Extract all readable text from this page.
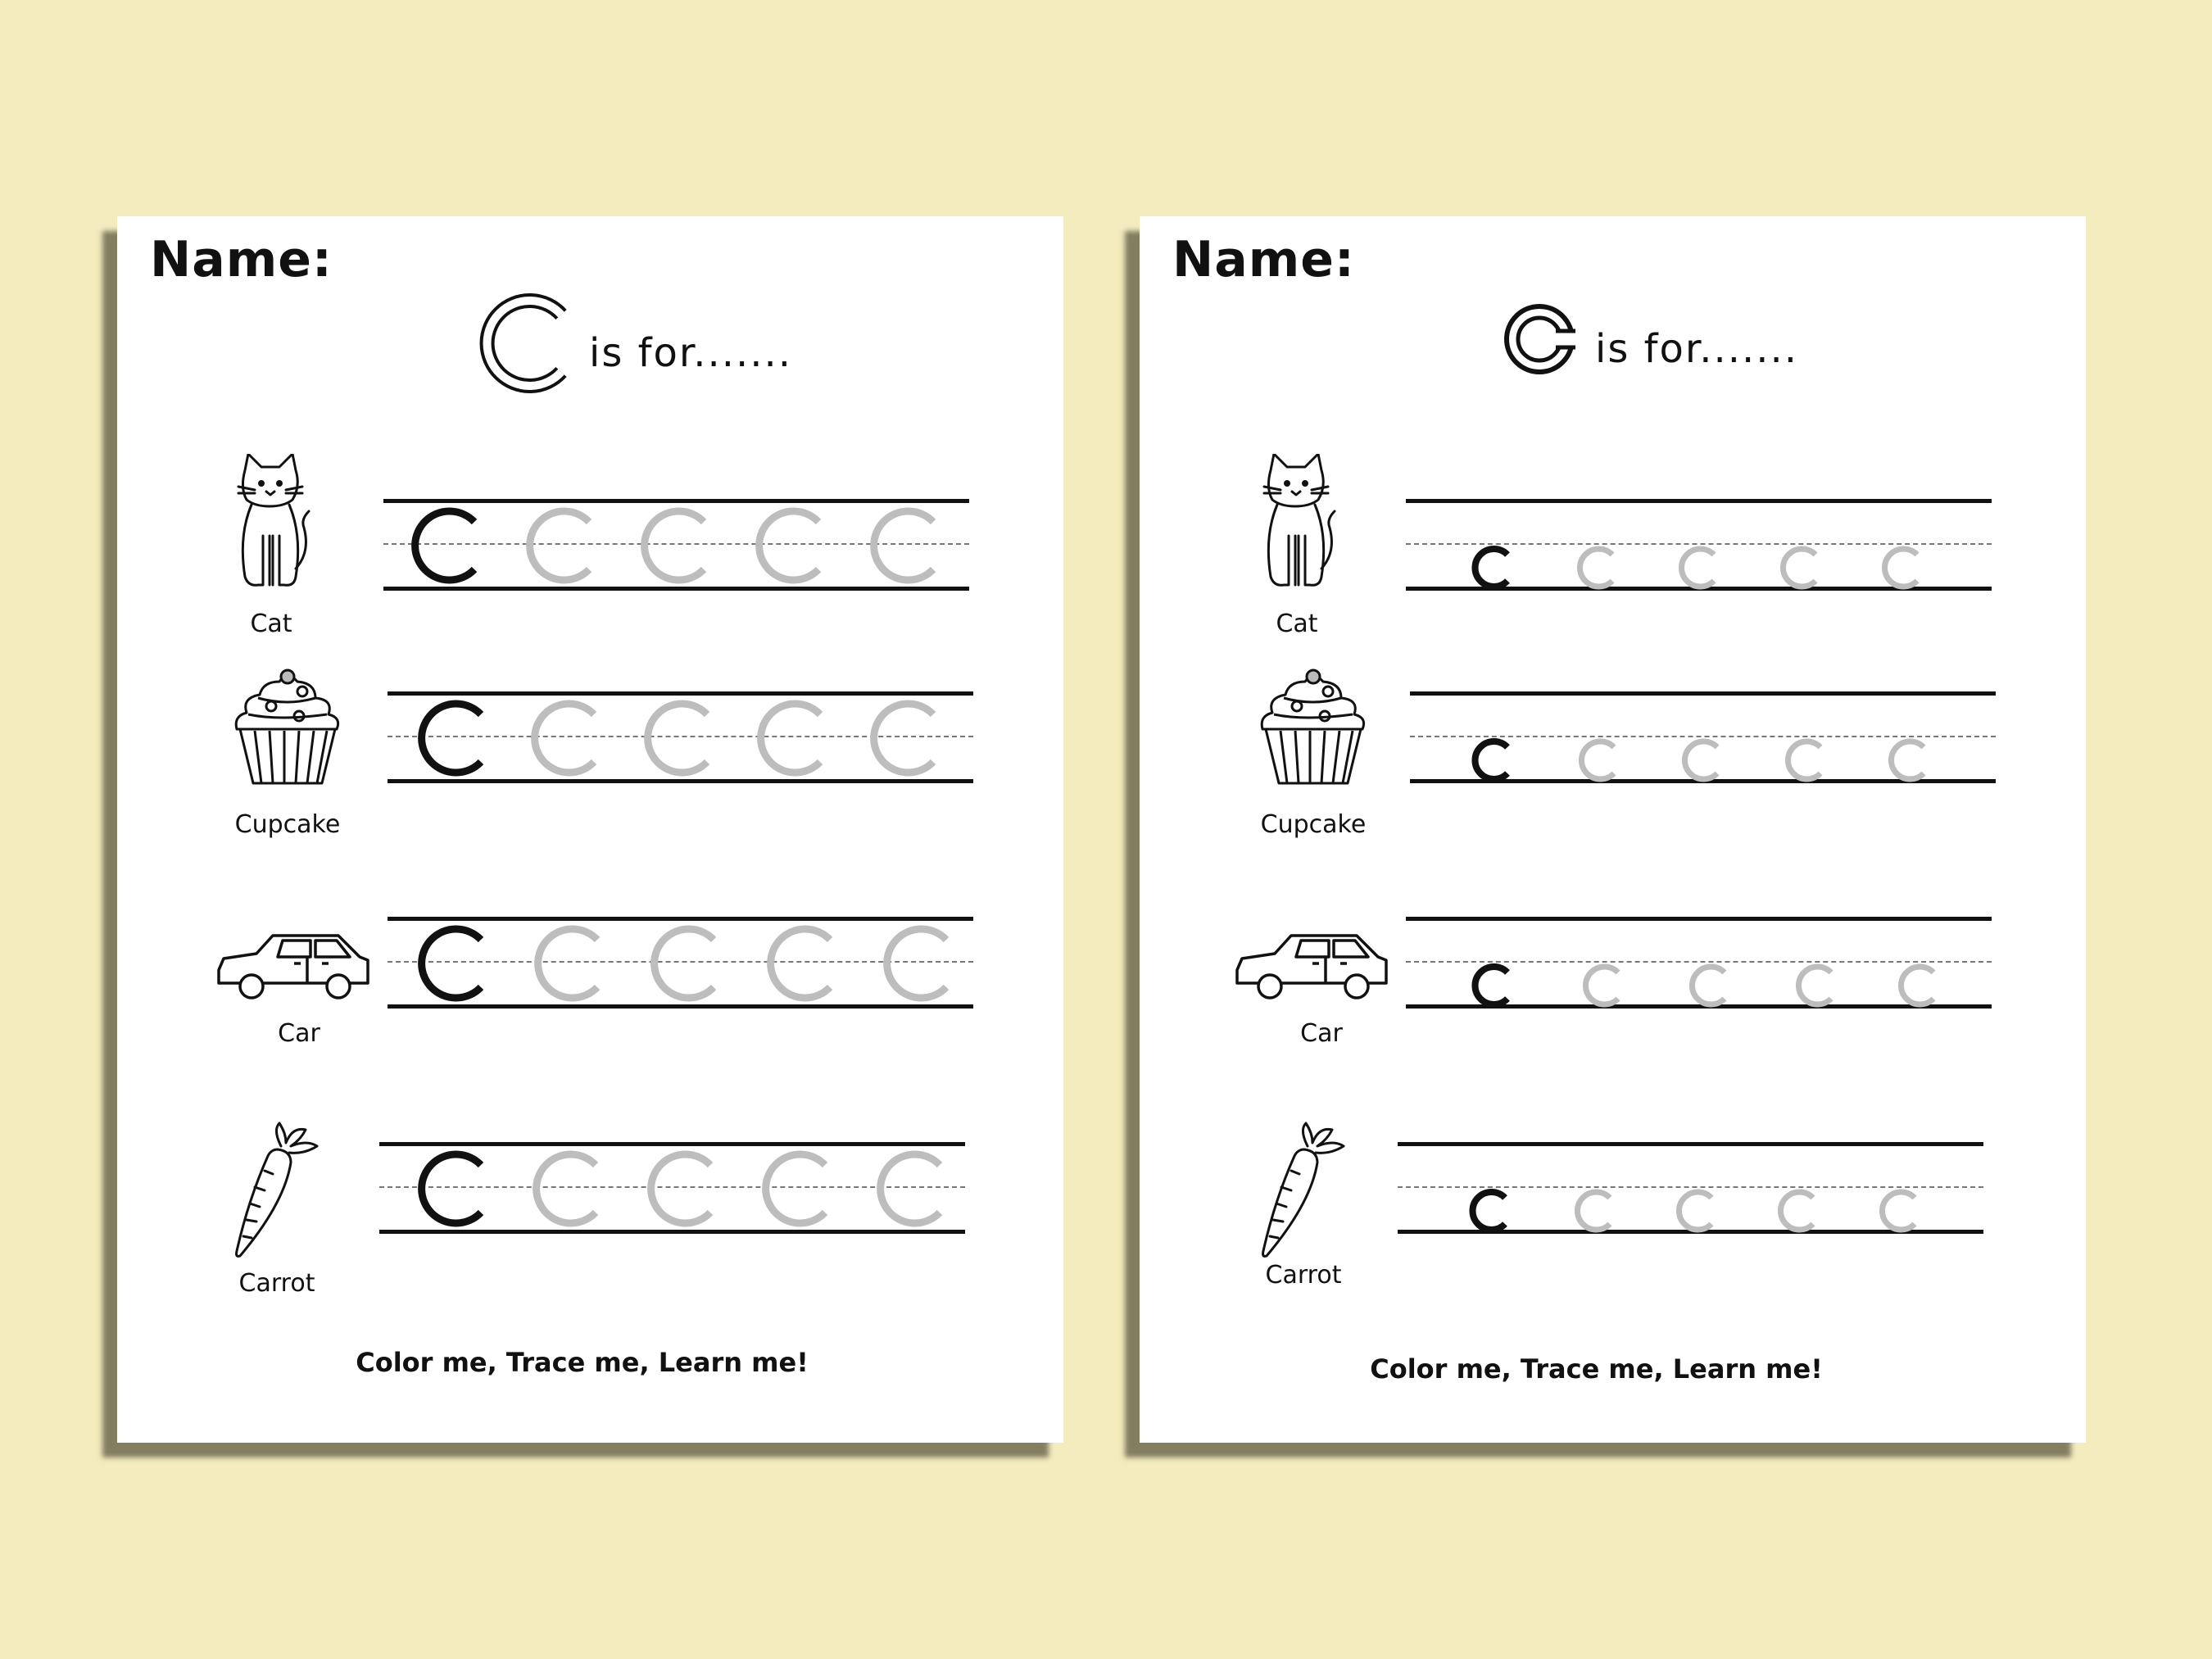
Name:
is for.......
Cat
Cupcake
Car
Carrot
Color me, Trace me, Learn me!
Name:
is for.......
Cat
Cupcake
Car
Carrot
Color me, Trace me, Learn me!
